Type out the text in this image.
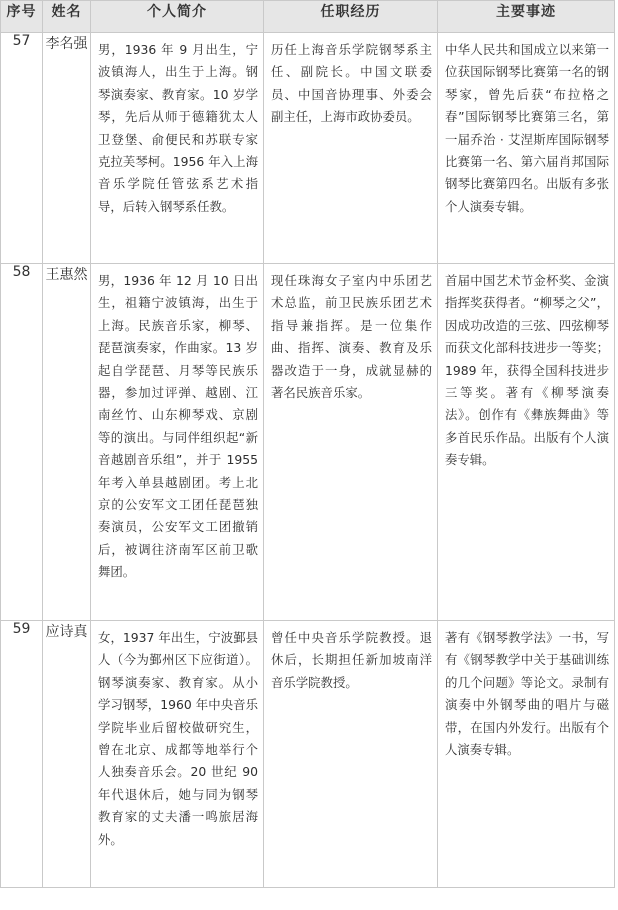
序号	姓名	个人简介	任职经历	主要事迹
57	李名强	男，1936 年 9 月出生，宁波镇海人，出生于上海。钢琴演奏家、教育家。10 岁学琴，先后从师于德籍犹太人卫登堡、俞便民和苏联专家克拉芙琴柯。1956 年入上海音乐学院任管弦系艺术指导，后转入钢琴系任教。	历任上海音乐学院钢琴系主任、副院长。中国文联委员、中国音协理事、外委会副主任，上海市政协委员。	中华人民共和国成立以来第一位获国际钢琴比赛第一名的钢琴家，曾先后获“布拉格之春”国际钢琴比赛第三名，第一届乔治 · 艾涅斯库国际钢琴比赛第一名、第六届肖邦国际钢琴比赛第四名。出版有多张个人演奏专辑。

58	王惠然	男，1936 年 12 月 10 日出生，祖籍宁波镇海，出生于上海。民族音乐家，柳琴、琵琶演奏家，作曲家。13 岁起自学琵琶、月琴等民族乐器，参加过评弹、越剧、江南丝竹、山东柳琴戏、京剧等的演出。与同伴组织起“新音越剧音乐组”，并于 1955 年考入单县越剧团。考上北京的公安军文工团任琵琶独奏演员，公安军文工团撤销后，被调往济南军区前卫歌舞团。	现任珠海女子室内中乐团艺术总监，前卫民族乐团艺术指导兼指挥。是一位集作曲、指挥、演奏、教育及乐器改造于一身，成就显赫的著名民族音乐家。	首届中国艺术节金杯奖、金演指挥奖获得者。“柳琴之父”，因成功改造的三弦、四弦柳琴而获文化部科技进步一等奖；1989 年，获得全国科技进步三等奖。著有《柳琴演奏法》。创作有《彝族舞曲》等多首民乐作品。出版有个人演奏专辑。

59	应诗真	女，1937 年出生，宁波鄞县人（今为鄞州区下应街道）。钢琴演奏家、教育家。从小学习钢琴，1960 年中央音乐学院毕业后留校做研究生，曾在北京、成都等地举行个人独奏音乐会。20 世纪 90 年代退休后，她与同为钢琴教育家的丈夫潘一鸣旅居海外。	曾任中央音乐学院教授。退休后，长期担任新加坡南洋音乐学院教授。	著有《钢琴教学法》一书，写有《钢琴教学中关于基础训练的几个问题》等论文。录制有演奏中外钢琴曲的唱片与磁带，在国内外发行。出版有个人演奏专辑。
